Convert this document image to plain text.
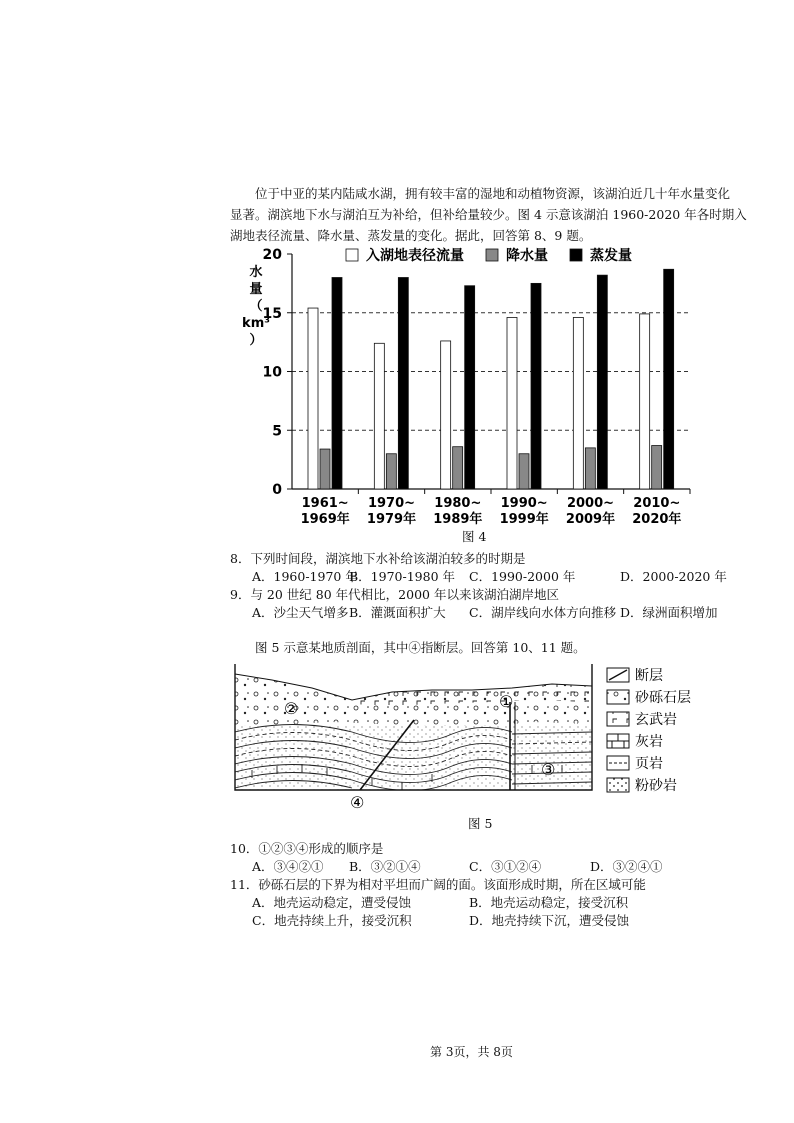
位于中亚的某内陆咸水湖，拥有较丰富的湿地和动植物资源，该湖泊近几十年水量变化
显著。湖滨地下水与湖泊互为补给，但补给量较少。图 4 示意该湖泊 1960-2020 年各时期入
湖地表径流量、降水量、蒸发量的变化。据此，回答第 8、9 题。
0
5
10
15
20
水
量
（
km³
）
1961~
1969年
1970~
1979年
1980~
1989年
1990~
1999年
2000~
2009年
2010~
2020年
入湖地表径流量	降水量	蒸发量
图 4
8．下列时间段，湖滨地下水补给该湖泊较多的时期是
A．1960-1970 年
B．1970-1980 年 C．1990-2000 年	D．2000-2020 年
9．与 20 世纪 80 年代相比，2000 年以来该湖泊湖岸地区
A．沙尘天气增多 B．灌溉面积扩大 C．湖岸线向水体方向推移 D．绿洲面积增加
图 5 示意某地质剖面，其中④指断层。回答第 10、11 题。
②	①
③
④
断层
砂砾石层
玄武岩
灰岩
页岩
粉砂岩
图 5
10．①②③④形成的顺序是
A．③④②① B．③②①④	C．③①②④	D．③②④①
11．砂砾石层的下界为相对平坦而广阔的面。该面形成时期，所在区域可能
A．地壳运动稳定，遭受侵蚀	B．地壳运动稳定，接受沉积
C．地壳持续上升，接受沉积	D．地壳持续下沉，遭受侵蚀
第 3页，共 8页
